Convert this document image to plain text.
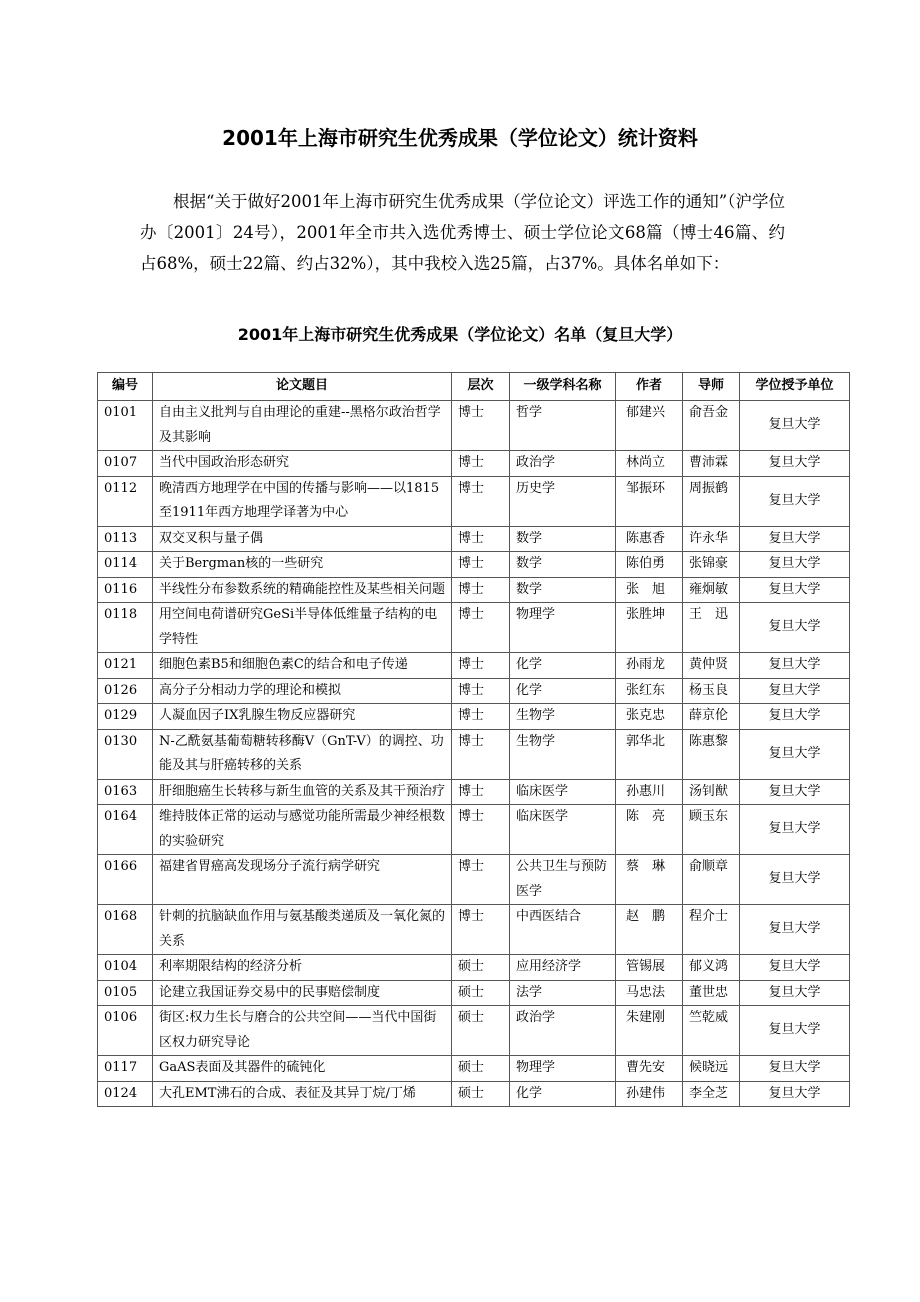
2001年上海市研究生优秀成果（学位论文）统计资料
根据“关于做好2001年上海市研究生优秀成果（学位论文）评选工作的通知”（沪学位办〔2001〕24号），2001年全市共入选优秀博士、硕士学位论文68篇（博士46篇、约占68%，硕士22篇、约占32%），其中我校入选25篇，占37%。具体名单如下：
2001年上海市研究生优秀成果（学位论文）名单（复旦大学）
编号	论文题目	层次	一级学科名称	作者	导师	学位授予单位
0101	自由主义批判与自由理论的重建--黑格尔政治哲学及其影响	博士	哲学	郁建兴	俞吾金	复旦大学
0107	当代中国政治形态研究	博士	政治学	林尚立	曹沛霖	复旦大学
0112	晚清西方地理学在中国的传播与影响——以1815至1911年西方地理学译著为中心	博士	历史学	邹振环	周振鹤	复旦大学
0113	双交叉积与量子偶	博士	数学	陈惠香	许永华	复旦大学
0114	关于Bergman核的一些研究	博士	数学	陈伯勇	张锦豪	复旦大学
0116	半线性分布参数系统的精确能控性及某些相关问题	博士	数学	张　旭	雍炯敏	复旦大学
0118	用空间电荷谱研究GeSi半导体低维量子结构的电学特性	博士	物理学	张胜坤	王　迅	复旦大学
0121	细胞色素B5和细胞色素C的结合和电子传递	博士	化学	孙雨龙	黄仲贤	复旦大学
0126	高分子分相动力学的理论和模拟	博士	化学	张红东	杨玉良	复旦大学
0129	人凝血因子IX乳腺生物反应器研究	博士	生物学	张克忠	薛京伦	复旦大学
0130	N-乙酰氨基葡萄糖转移酶V（GnT-V）的调控、功能及其与肝癌转移的关系	博士	生物学	郭华北	陈惠黎	复旦大学
0163	肝细胞癌生长转移与新生血管的关系及其干预治疗	博士	临床医学	孙惠川	汤钊猷	复旦大学
0164	维持肢体正常的运动与感觉功能所需最少神经根数的实验研究	博士	临床医学	陈　亮	顾玉东	复旦大学
0166	福建省胃癌高发现场分子流行病学研究	博士	公共卫生与预防医学	蔡　琳	俞顺章	复旦大学
0168	针刺的抗脑缺血作用与氨基酸类递质及一氧化氮的关系	博士	中西医结合	赵　鹏	程介士	复旦大学
0104	利率期限结构的经济分析	硕士	应用经济学	管锡展	郁义鸿	复旦大学
0105	论建立我国证券交易中的民事赔偿制度	硕士	法学	马忠法	董世忠	复旦大学
0106	街区:权力生长与磨合的公共空间——当代中国街区权力研究导论	硕士	政治学	朱建刚	竺乾威	复旦大学
0117	GaAS表面及其器件的硫钝化	硕士	物理学	曹先安	候晓远	复旦大学
0124	大孔EMT沸石的合成、表征及其异丁烷/丁烯	硕士	化学	孙建伟	李全芝	复旦大学
